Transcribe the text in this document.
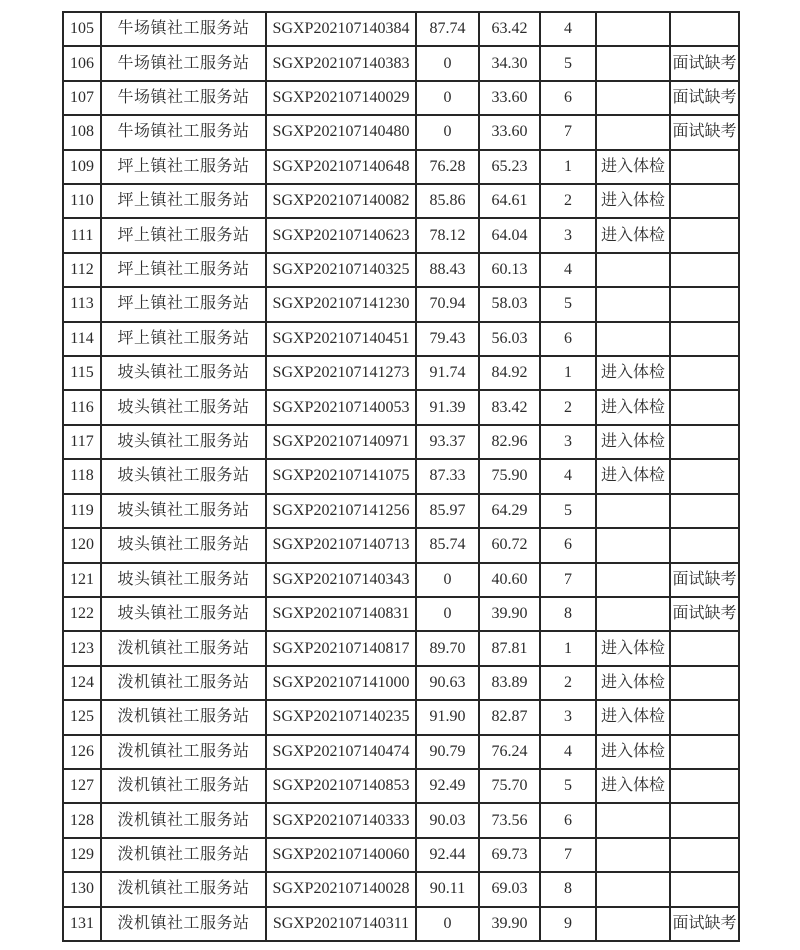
105	牛场镇社工服务站	SGXP202107140384	87.74	63.42	4		
106	牛场镇社工服务站	SGXP202107140383	0	34.30	5		面试缺考
107	牛场镇社工服务站	SGXP202107140029	0	33.60	6		面试缺考
108	牛场镇社工服务站	SGXP202107140480	0	33.60	7		面试缺考
109	坪上镇社工服务站	SGXP202107140648	76.28	65.23	1	进入体检	
110	坪上镇社工服务站	SGXP202107140082	85.86	64.61	2	进入体检	
111	坪上镇社工服务站	SGXP202107140623	78.12	64.04	3	进入体检	
112	坪上镇社工服务站	SGXP202107140325	88.43	60.13	4		
113	坪上镇社工服务站	SGXP202107141230	70.94	58.03	5		
114	坪上镇社工服务站	SGXP202107140451	79.43	56.03	6		
115	坡头镇社工服务站	SGXP202107141273	91.74	84.92	1	进入体检	
116	坡头镇社工服务站	SGXP202107140053	91.39	83.42	2	进入体检	
117	坡头镇社工服务站	SGXP202107140971	93.37	82.96	3	进入体检	
118	坡头镇社工服务站	SGXP202107141075	87.33	75.90	4	进入体检	
119	坡头镇社工服务站	SGXP202107141256	85.97	64.29	5		
120	坡头镇社工服务站	SGXP202107140713	85.74	60.72	6		
121	坡头镇社工服务站	SGXP202107140343	0	40.60	7		面试缺考
122	坡头镇社工服务站	SGXP202107140831	0	39.90	8		面试缺考
123	泼机镇社工服务站	SGXP202107140817	89.70	87.81	1	进入体检	
124	泼机镇社工服务站	SGXP202107141000	90.63	83.89	2	进入体检	
125	泼机镇社工服务站	SGXP202107140235	91.90	82.87	3	进入体检	
126	泼机镇社工服务站	SGXP202107140474	90.79	76.24	4	进入体检	
127	泼机镇社工服务站	SGXP202107140853	92.49	75.70	5	进入体检	
128	泼机镇社工服务站	SGXP202107140333	90.03	73.56	6		
129	泼机镇社工服务站	SGXP202107140060	92.44	69.73	7		
130	泼机镇社工服务站	SGXP202107140028	90.11	69.03	8		
131	泼机镇社工服务站	SGXP202107140311	0	39.90	9		面试缺考
